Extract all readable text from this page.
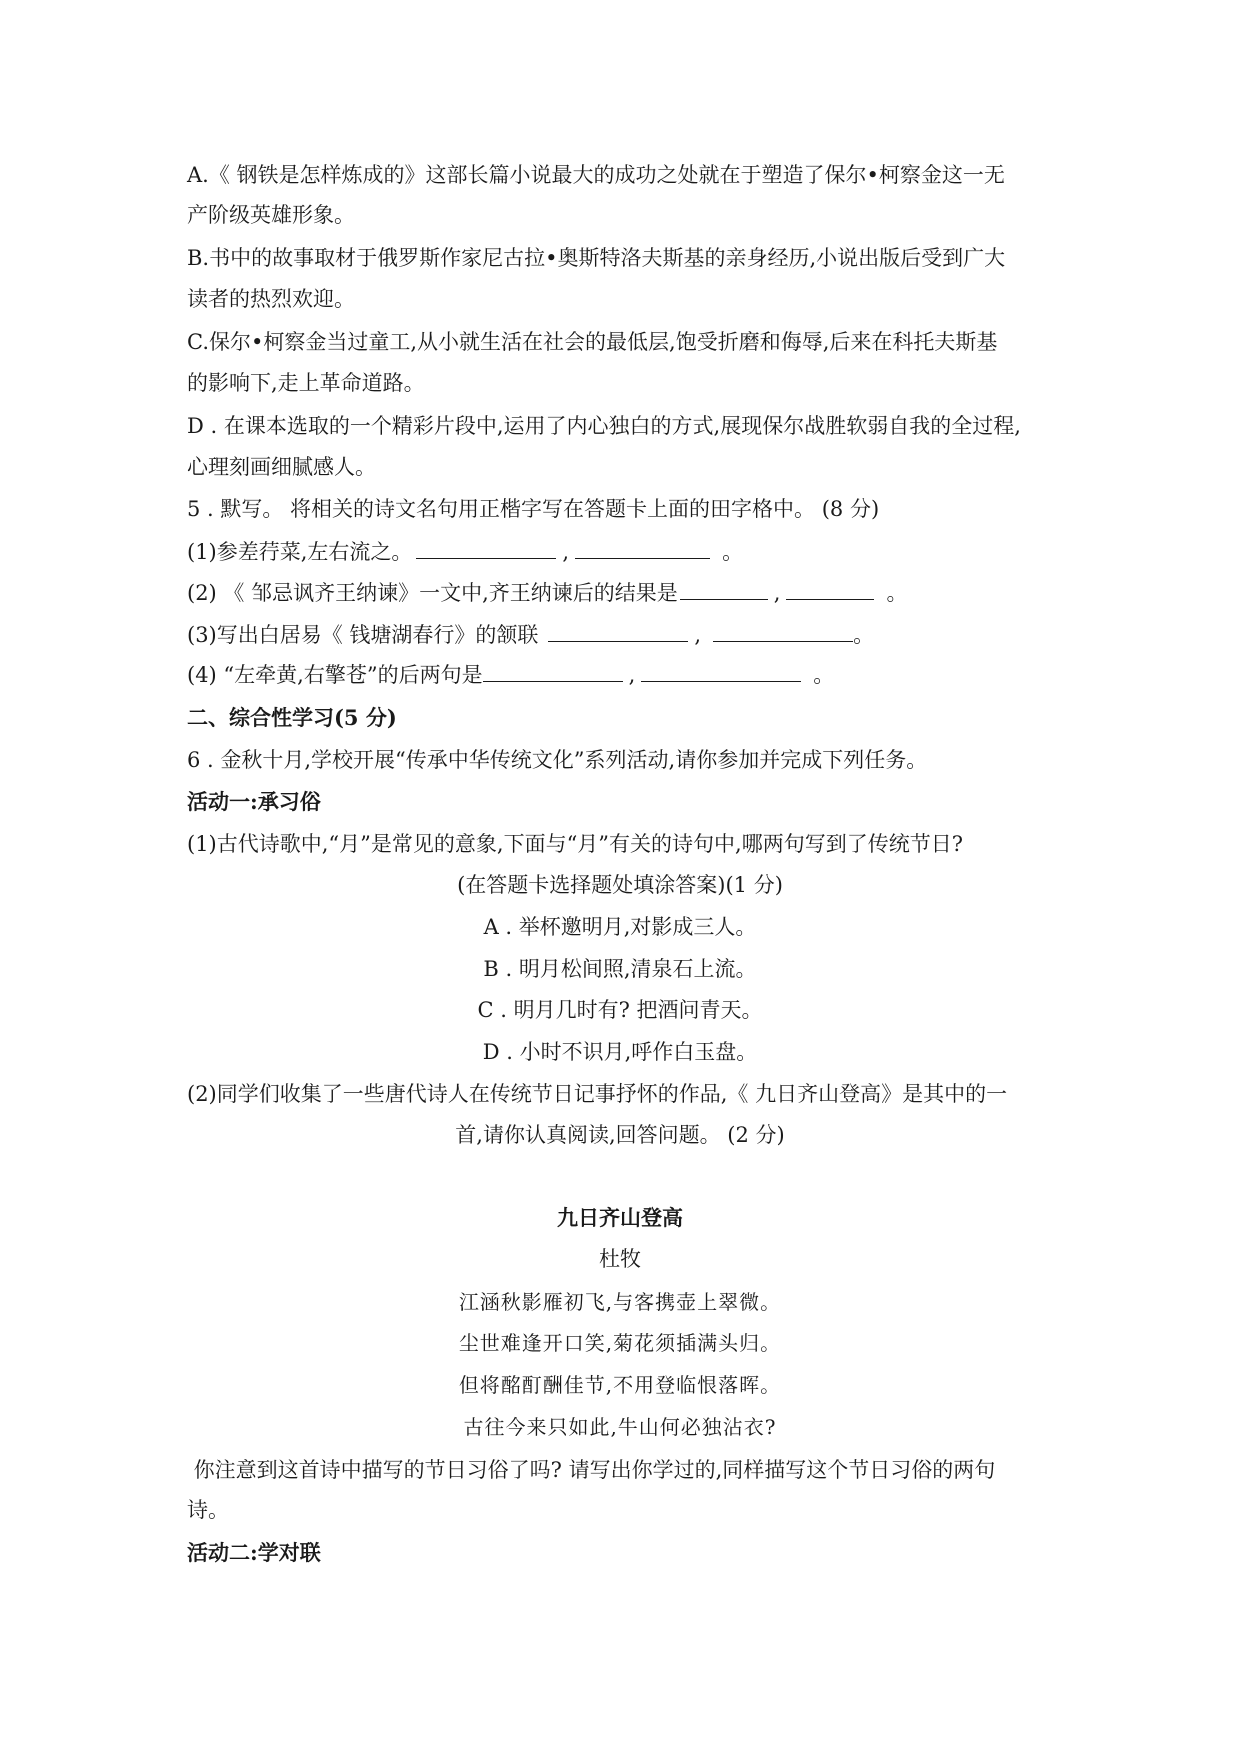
A.《 钢铁是怎样炼成的》这部长篇小说最大的成功之处就在于塑造了保尔•柯察金这一无
产阶级英雄形象。
B.书中的故事取材于俄罗斯作家尼古拉•奥斯特洛夫斯基的亲身经历,小说出版后受到广大
读者的热烈欢迎。
C.保尔•柯察金当过童工,从小就生活在社会的最低层,饱受折磨和侮辱,后来在科托夫斯基
的影响下,走上革命道路。
D . 在课本选取的一个精彩片段中,运用了内心独白的方式,展现保尔战胜软弱自我的全过程,
心理刻画细腻感人。
5 . 默写。 将相关的诗文名句用正楷字写在答题卡上面的田字格中。 (8 分)
(1)参差荇菜,左右流之。	,	。
(2) 《 邹忌讽齐王纳谏》一文中,齐王纳谏后的结果是	,	。
(3)写出白居易《 钱塘湖春行》的颔联	,	。
(4) “左牵黄,右擎苍”的后两句是	,	。
二、综合性学习(5 分)
6 . 金秋十月,学校开展“传承中华传统文化”系列活动,请你参加并完成下列任务。
活动一:承习俗
(1)古代诗歌中,“月”是常见的意象,下面与“月”有关的诗句中,哪两句写到了传统节日?
(在答题卡选择题处填涂答案)(1 分)
A . 举杯邀明月,对影成三人。
B . 明月松间照,清泉石上流。
C . 明月几时有? 把酒问青天。
D . 小时不识月,呼作白玉盘。
(2)同学们收集了一些唐代诗人在传统节日记事抒怀的作品,《 九日齐山登高》是其中的一
首,请你认真阅读,回答问题。 (2 分)
九日齐山登高
杜牧
江涵秋影雁初飞,与客携壶上翠微。
尘世难逢开口笑,菊花须插满头归。
但将酩酊酬佳节,不用登临恨落晖。
古往今来只如此,牛山何必独沾衣?
你注意到这首诗中描写的节日习俗了吗? 请写出你学过的,同样描写这个节日习俗的两句
诗。
活动二:学对联
